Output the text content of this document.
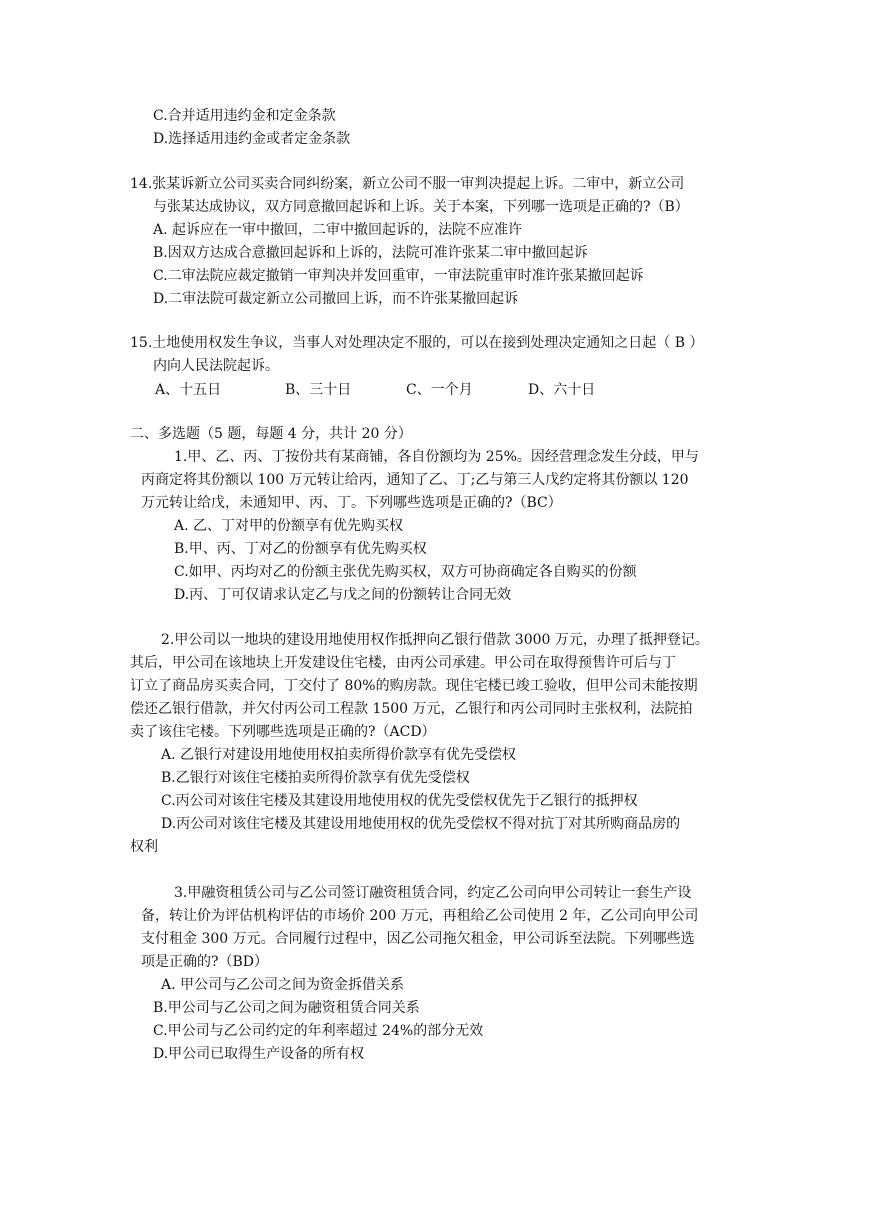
C.合并适用违约金和定金条款
D.选择适用违约金或者定金条款
14.张某诉新立公司买卖合同纠纷案，新立公司不服一审判决提起上诉。二审中，新立公司
与张某达成协议，双方同意撤回起诉和上诉。关于本案，下列哪一选项是正确的?（B）
A. 起诉应在一审中撤回，二审中撤回起诉的，法院不应准许
B.因双方达成合意撤回起诉和上诉的，法院可准许张某二审中撤回起诉
C.二审法院应裁定撤销一审判决并发回重审，一审法院重审时准许张某撤回起诉
D.二审法院可裁定新立公司撤回上诉，而不许张某撤回起诉
15.土地使用权发生争议，当事人对处理决定不服的，可以在接到处理决定通知之日起（ B ）
内向人民法院起诉。
A、十五日	B、三十日	C、一个月	D、六十日
二、多选题（5 题，每题 4 分，共计 20 分）
1.甲、乙、丙、丁按份共有某商铺，各自份额均为 25%。因经营理念发生分歧，甲与
丙商定将其份额以 100 万元转让给丙，通知了乙、丁;乙与第三人戊约定将其份额以 120
万元转让给戊，未通知甲、丙、丁。下列哪些选项是正确的?（BC）
A. 乙、丁对甲的份额享有优先购买权
B.甲、丙、丁对乙的份额享有优先购买权
C.如甲、丙均对乙的份额主张优先购买权，双方可协商确定各自购买的份额
D.丙、丁可仅请求认定乙与戊之间的份额转让合同无效
2.甲公司以一地块的建设用地使用权作抵押向乙银行借款 3000 万元，办理了抵押登记。
其后，甲公司在该地块上开发建设住宅楼，由丙公司承建。甲公司在取得预售许可后与丁
订立了商品房买卖合同，丁交付了 80%的购房款。现住宅楼已竣工验收，但甲公司未能按期
偿还乙银行借款，并欠付丙公司工程款 1500 万元，乙银行和丙公司同时主张权利，法院拍
卖了该住宅楼。下列哪些选项是正确的?（ACD）
A. 乙银行对建设用地使用权拍卖所得价款享有优先受偿权
B.乙银行对该住宅楼拍卖所得价款享有优先受偿权
C.丙公司对该住宅楼及其建设用地使用权的优先受偿权优先于乙银行的抵押权
D.丙公司对该住宅楼及其建设用地使用权的优先受偿权不得对抗丁对其所购商品房的
权利
3.甲融资租赁公司与乙公司签订融资租赁合同，约定乙公司向甲公司转让一套生产设
备，转让价为评估机构评估的市场价 200 万元，再租给乙公司使用 2 年，乙公司向甲公司
支付租金 300 万元。合同履行过程中，因乙公司拖欠租金，甲公司诉至法院。下列哪些选
项是正确的?（BD）
A. 甲公司与乙公司之间为资金拆借关系
B.甲公司与乙公司之间为融资租赁合同关系
C.甲公司与乙公司约定的年利率超过 24%的部分无效
D.甲公司已取得生产设备的所有权
